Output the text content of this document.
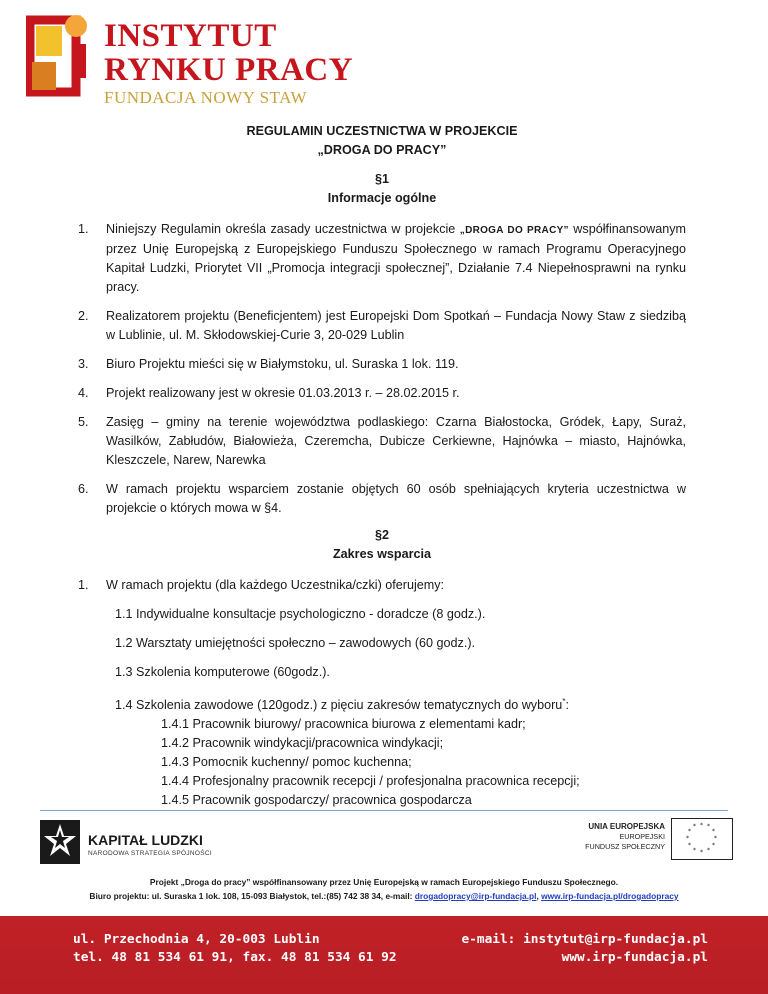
INSTYTUT
RYNKU PRACY
FUNDACJA NOWY STAW
REGULAMIN UCZESTNICTWA W PROJEKCIE
„DROGA DO PRACY”
§1
Informacje ogólne
1. Niniejszy Regulamin określa zasady uczestnictwa w projekcie „DROGA DO PRACY” współfinansowanym przez Unię Europejską z Europejskiego Funduszu Społecznego w ramach Programu Operacyjnego Kapitał Ludzki, Priorytet VII „Promocja integracji społecznej”, Działanie 7.4 Niepełnosprawni na rynku pracy.
2. Realizatorem projektu (Beneficjentem) jest Europejski Dom Spotkań – Fundacja Nowy Staw z siedzibą w Lublinie, ul. M. Skłodowskiej-Curie 3, 20-029 Lublin
3. Biuro Projektu mieści się w Białymstoku, ul. Suraska 1 lok. 119.
4. Projekt realizowany jest w okresie 01.03.2013 r. – 28.02.2015 r.
5. Zasięg – gminy na terenie województwa podlaskiego: Czarna Białostocka, Gródek, Łapy, Suraż, Wasilków, Zabłudów, Białowieża, Czeremcha, Dubicze Cerkiewne, Hajnówka – miasto, Hajnówka, Kleszczele, Narew, Narewka
6. W ramach projektu wsparciem zostanie objętych 60 osób spełniających kryteria uczestnictwa w projekcie o których mowa w §4.
§2
Zakres wsparcia
1. W ramach projektu (dla każdego Uczestnika/czki) oferujemy:
1.1 Indywidualne konsultacje psychologiczno - doradcze (8 godz.).
1.2 Warsztaty umiejętności społeczno – zawodowych (60 godz.).
1.3 Szkolenia komputerowe (60godz.).
1.4 Szkolenia zawodowe (120godz.) z pięciu zakresów tematycznych do wyboru*:
1.4.1 Pracownik biurowy/ pracownica biurowa z elementami kadr;
1.4.2 Pracownik windykacji/pracownica windykacji;
1.4.3 Pomocnik kuchenny/ pomoc kuchenna;
1.4.4 Profesjonalny pracownik recepcji / profesjonalna pracownica recepcji;
1.4.5 Pracownik gospodarczy/ pracownica gospodarcza
KAPITAŁ LUDZKI
NARODOWA STRATEGIA SPÓJNOŚCI
UNIA EUROPEJSKA
EUROPEJSKI
FUNDUSZ SPOŁECZNY
* *
*
*
*
*
*
*
*
*
*
*
Projekt „Droga do pracy” współfinansowany przez Unię Europejską w ramach Europejskiego Funduszu Społecznego.
Biuro projektu: ul. Suraska 1 lok. 108, 15-093 Białystok, tel.:(85) 742 38 34, e-mail: drogadopracy@irp-fundacja.pl, www.irp-fundacja.pl/drogadopracy
ul. Przechodnia 4, 20-003 Lublin
tel. 48 81 534 61 91, fax. 48 81 534 61 92
e-mail: instytut@irp-fundacja.pl
www.irp-fundacja.pl
